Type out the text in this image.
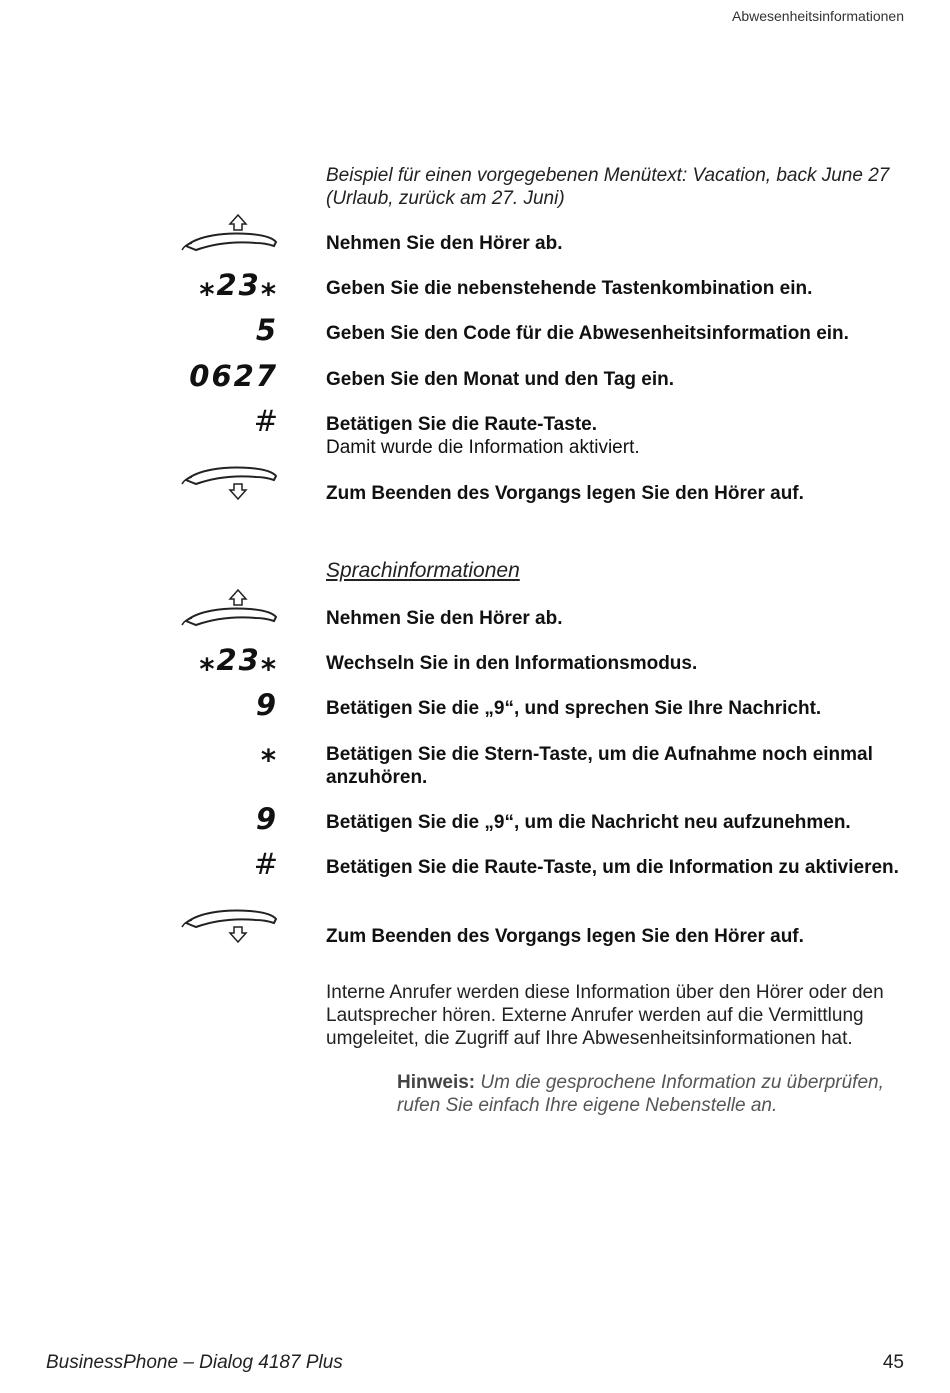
Abwesenheitsinformationen

Beispiel für einen vorgegebenen Menütext: Vacation, back June 27 (Urlaub, zurück am 27. Juni)

Nehmen Sie den Hörer ab.
⁎23⁎	Geben Sie die nebenstehende Tastenkombination ein.
5	Geben Sie den Code für die Abwesenheitsinformation ein.
0627	Geben Sie den Monat und den Tag ein.
#	Betätigen Sie die Raute-Taste.
Damit wurde die Information aktiviert.
Zum Beenden des Vorgangs legen Sie den Hörer auf.
Sprachinformationen
Nehmen Sie den Hörer ab.
⁎23⁎	Wechseln Sie in den Informationsmodus.
9	Betätigen Sie die „9“, und sprechen Sie Ihre Nachricht.
⁎	Betätigen Sie die Stern-Taste, um die Aufnahme noch einmal anzuhören.
9	Betätigen Sie die „9“, um die Nachricht neu aufzunehmen.
#	Betätigen Sie die Raute-Taste, um die Information zu aktivieren.
Zum Beenden des Vorgangs legen Sie den Hörer auf.

Interne Anrufer werden diese Information über den Hörer oder den Lautsprecher hören. Externe Anrufer werden auf die Vermittlung umgeleitet, die Zugriff auf Ihre Abwesenheitsinformationen hat.

Hinweis: Um die gesprochene Information zu überprüfen, rufen Sie einfach Ihre eigene Nebenstelle an.

BusinessPhone – Dialog 4187 Plus	45
